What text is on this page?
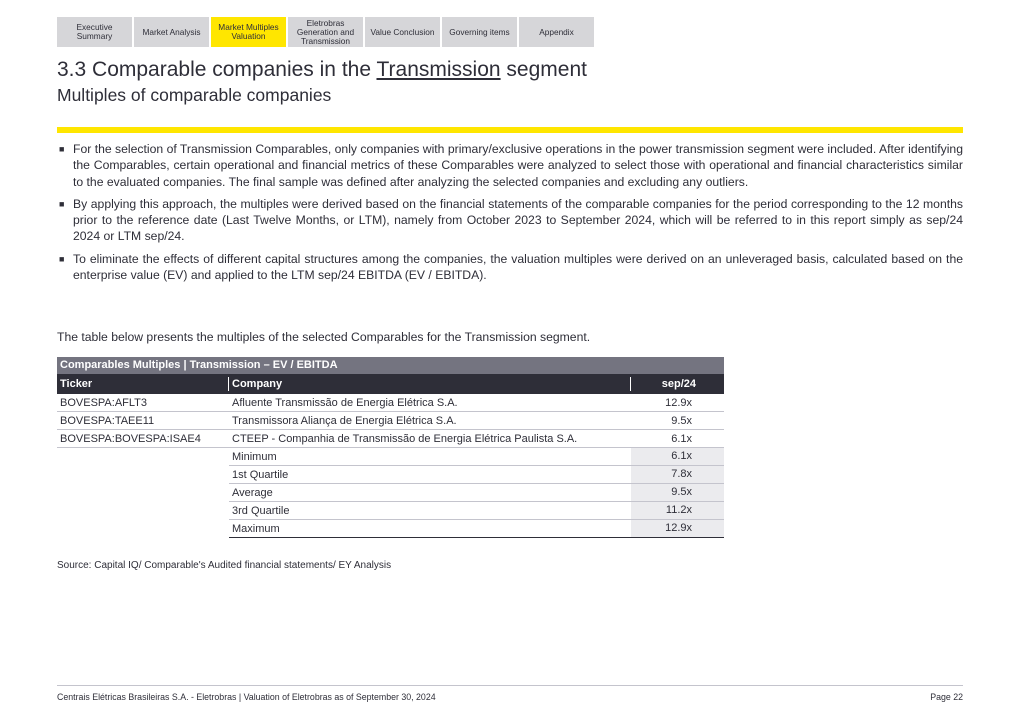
Executive
Summary	Market Analysis	Market Multiples
Valuation
Eletrobras
Generation and
Transmission
Value Conclusion	Governing items	Appendix
3.3 Comparable companies in the Transmission segment
Multiples of comparable companies
■ For the selection of Transmission Comparables, only companies with primary/exclusive operations in the power transmission segment were included. After identifying the Comparables, certain operational and financial metrics of these Comparables were analyzed to select those with operational and financial characteristics similar to the evaluated companies. The final sample was defined after analyzing the selected companies and excluding any outliers.
■ By applying this approach, the multiples were derived based on the financial statements of the comparable companies for the period corresponding to the 12 months prior to the reference date (Last Twelve Months, or LTM), namely from October 2023 to September 2024, which will be referred to in this report simply as sep/24 2024 or LTM sep/24.
■ To eliminate the effects of different capital structures among the companies, the valuation multiples were derived on an unleveraged basis, calculated based on the enterprise value (EV) and applied to the LTM sep/24 EBITDA (EV / EBITDA).
The table below presents the multiples of the selected Comparables for the Transmission segment.
Comparables Multiples | Transmission – EV / EBITDA
Ticker	Company	sep/24
BOVESPA:AFLT3	Afluente Transmissão de Energia Elétrica S.A.	12.9x
BOVESPA:TAEE11	Transmissora Aliança de Energia Elétrica S.A.	9.5x
BOVESPA:BOVESPA:ISAE4	CTEEP - Companhia de Transmissão de Energia Elétrica Paulista S.A.	6.1x
Minimum	6.1x
1st Quartile	7.8x
Average	9.5x
3rd Quartile	11.2x
Maximum	12.9x
Source: Capital IQ/ Comparable's Audited financial statements/ EY Analysis
Centrais Elétricas Brasileiras S.A. - Eletrobras | Valuation of Eletrobras as of September 30, 2024	Page 22
